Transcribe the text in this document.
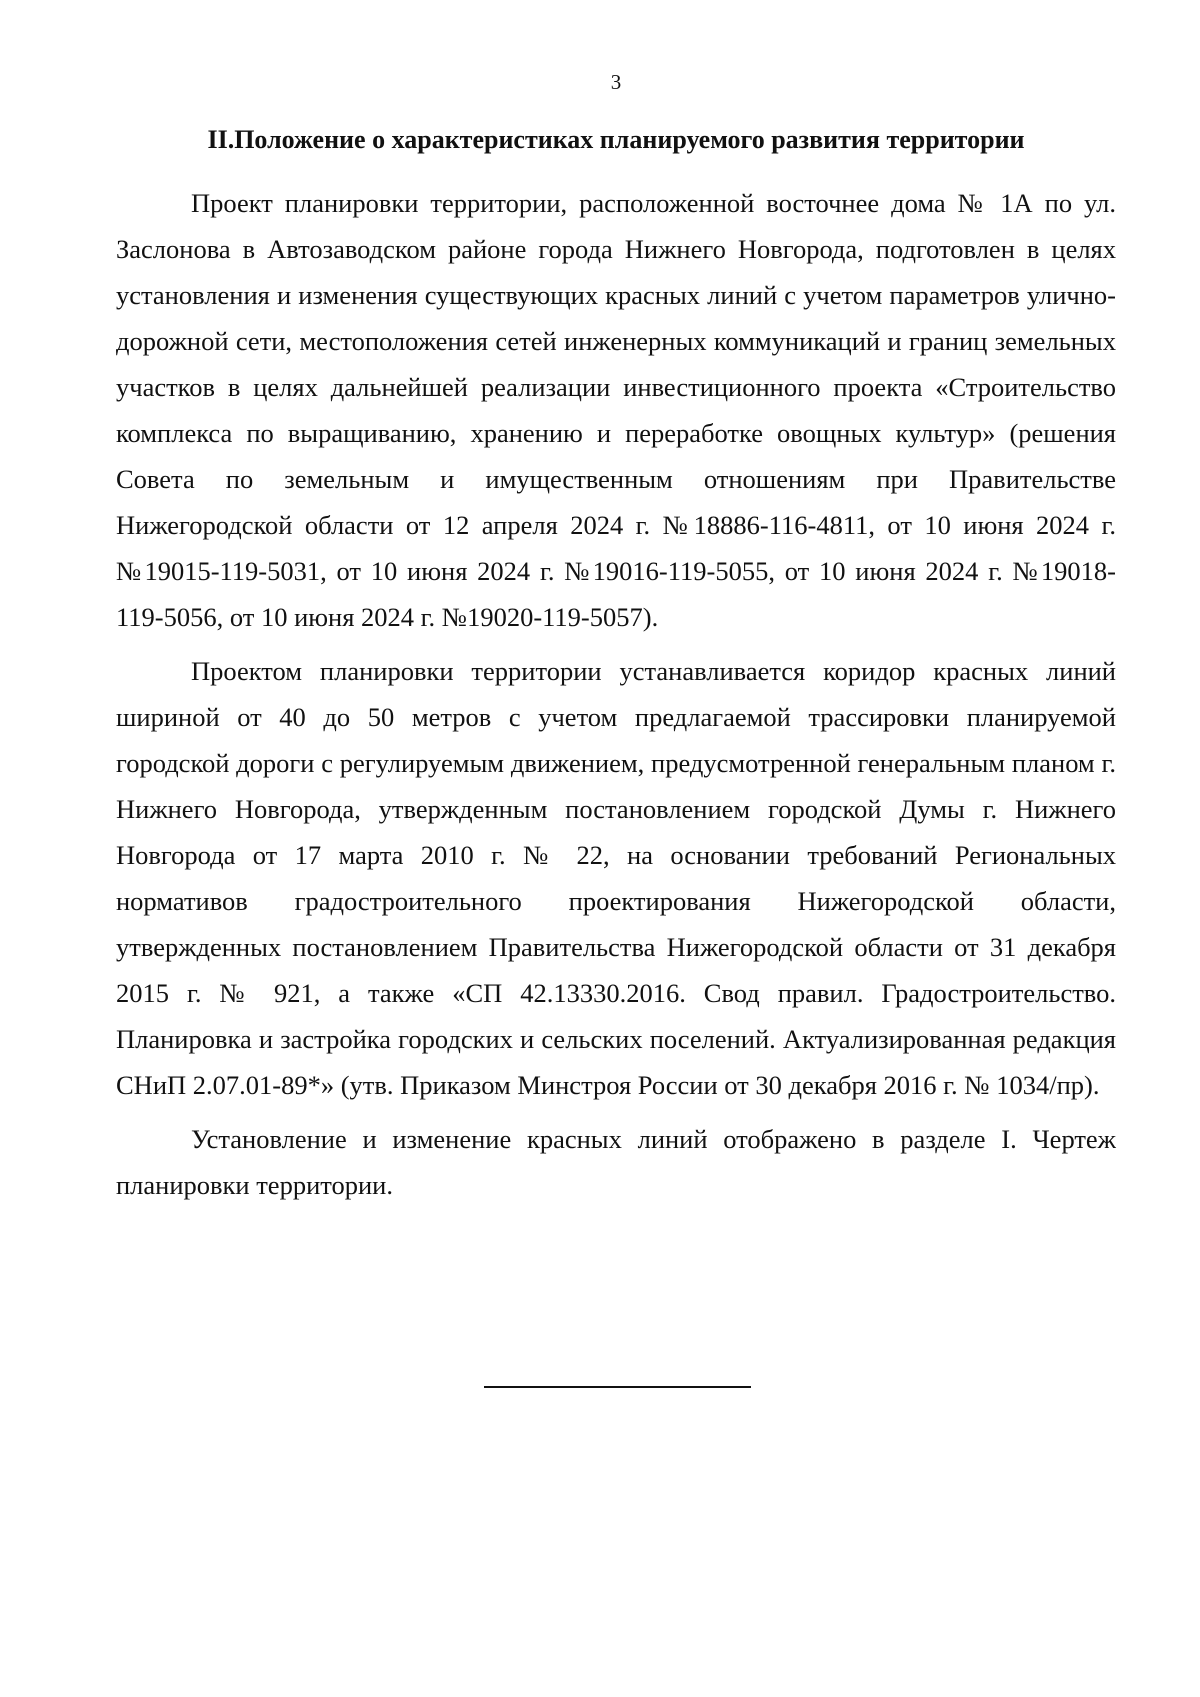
3
II.Положение о характеристиках планируемого развития территории

Проект планировки территории, расположенной восточнее дома № 1А по ул. Заслонова в Автозаводском районе города Нижнего Новгорода, подготовлен в целях установления и изменения существующих красных линий с учетом параметров улично-дорожной сети, местоположения сетей инженерных коммуникаций и границ земельных участков в целях дальнейшей реализации инвестиционного проекта «Строительство комплекса по выращиванию, хранению и переработке овощных культур» (решения Совета по земельным и имущественным отношениям при Правительстве Нижегородской области от 12 апреля 2024 г. №18886-116-4811, от 10 июня 2024 г. №19015-119-5031, от 10 июня 2024 г. №19016-119-5055, от 10 июня 2024 г. №19018-119-5056, от 10 июня 2024 г. №19020-119-5057).

Проектом планировки территории устанавливается коридор красных линий шириной от 40 до 50 метров с учетом предлагаемой трассировки планируемой городской дороги с регулируемым движением, предусмотренной генеральным планом г. Нижнего Новгорода, утвержденным постановлением городской Думы г. Нижнего Новгорода от 17 марта 2010 г. № 22, на основании требований Региональных нормативов градостроительного проектирования Нижегородской области, утвержденных постановлением Правительства Нижегородской области от 31 декабря 2015 г. № 921, а также «СП 42.13330.2016. Свод правил. Градостроительство. Планировка и застройка городских и сельских поселений. Актуализированная редакция СНиП 2.07.01-89*» (утв. Приказом Минстроя России от 30 декабря 2016 г. № 1034/пр).

Установление и изменение красных линий отображено в разделе I. Чертеж планировки территории.
